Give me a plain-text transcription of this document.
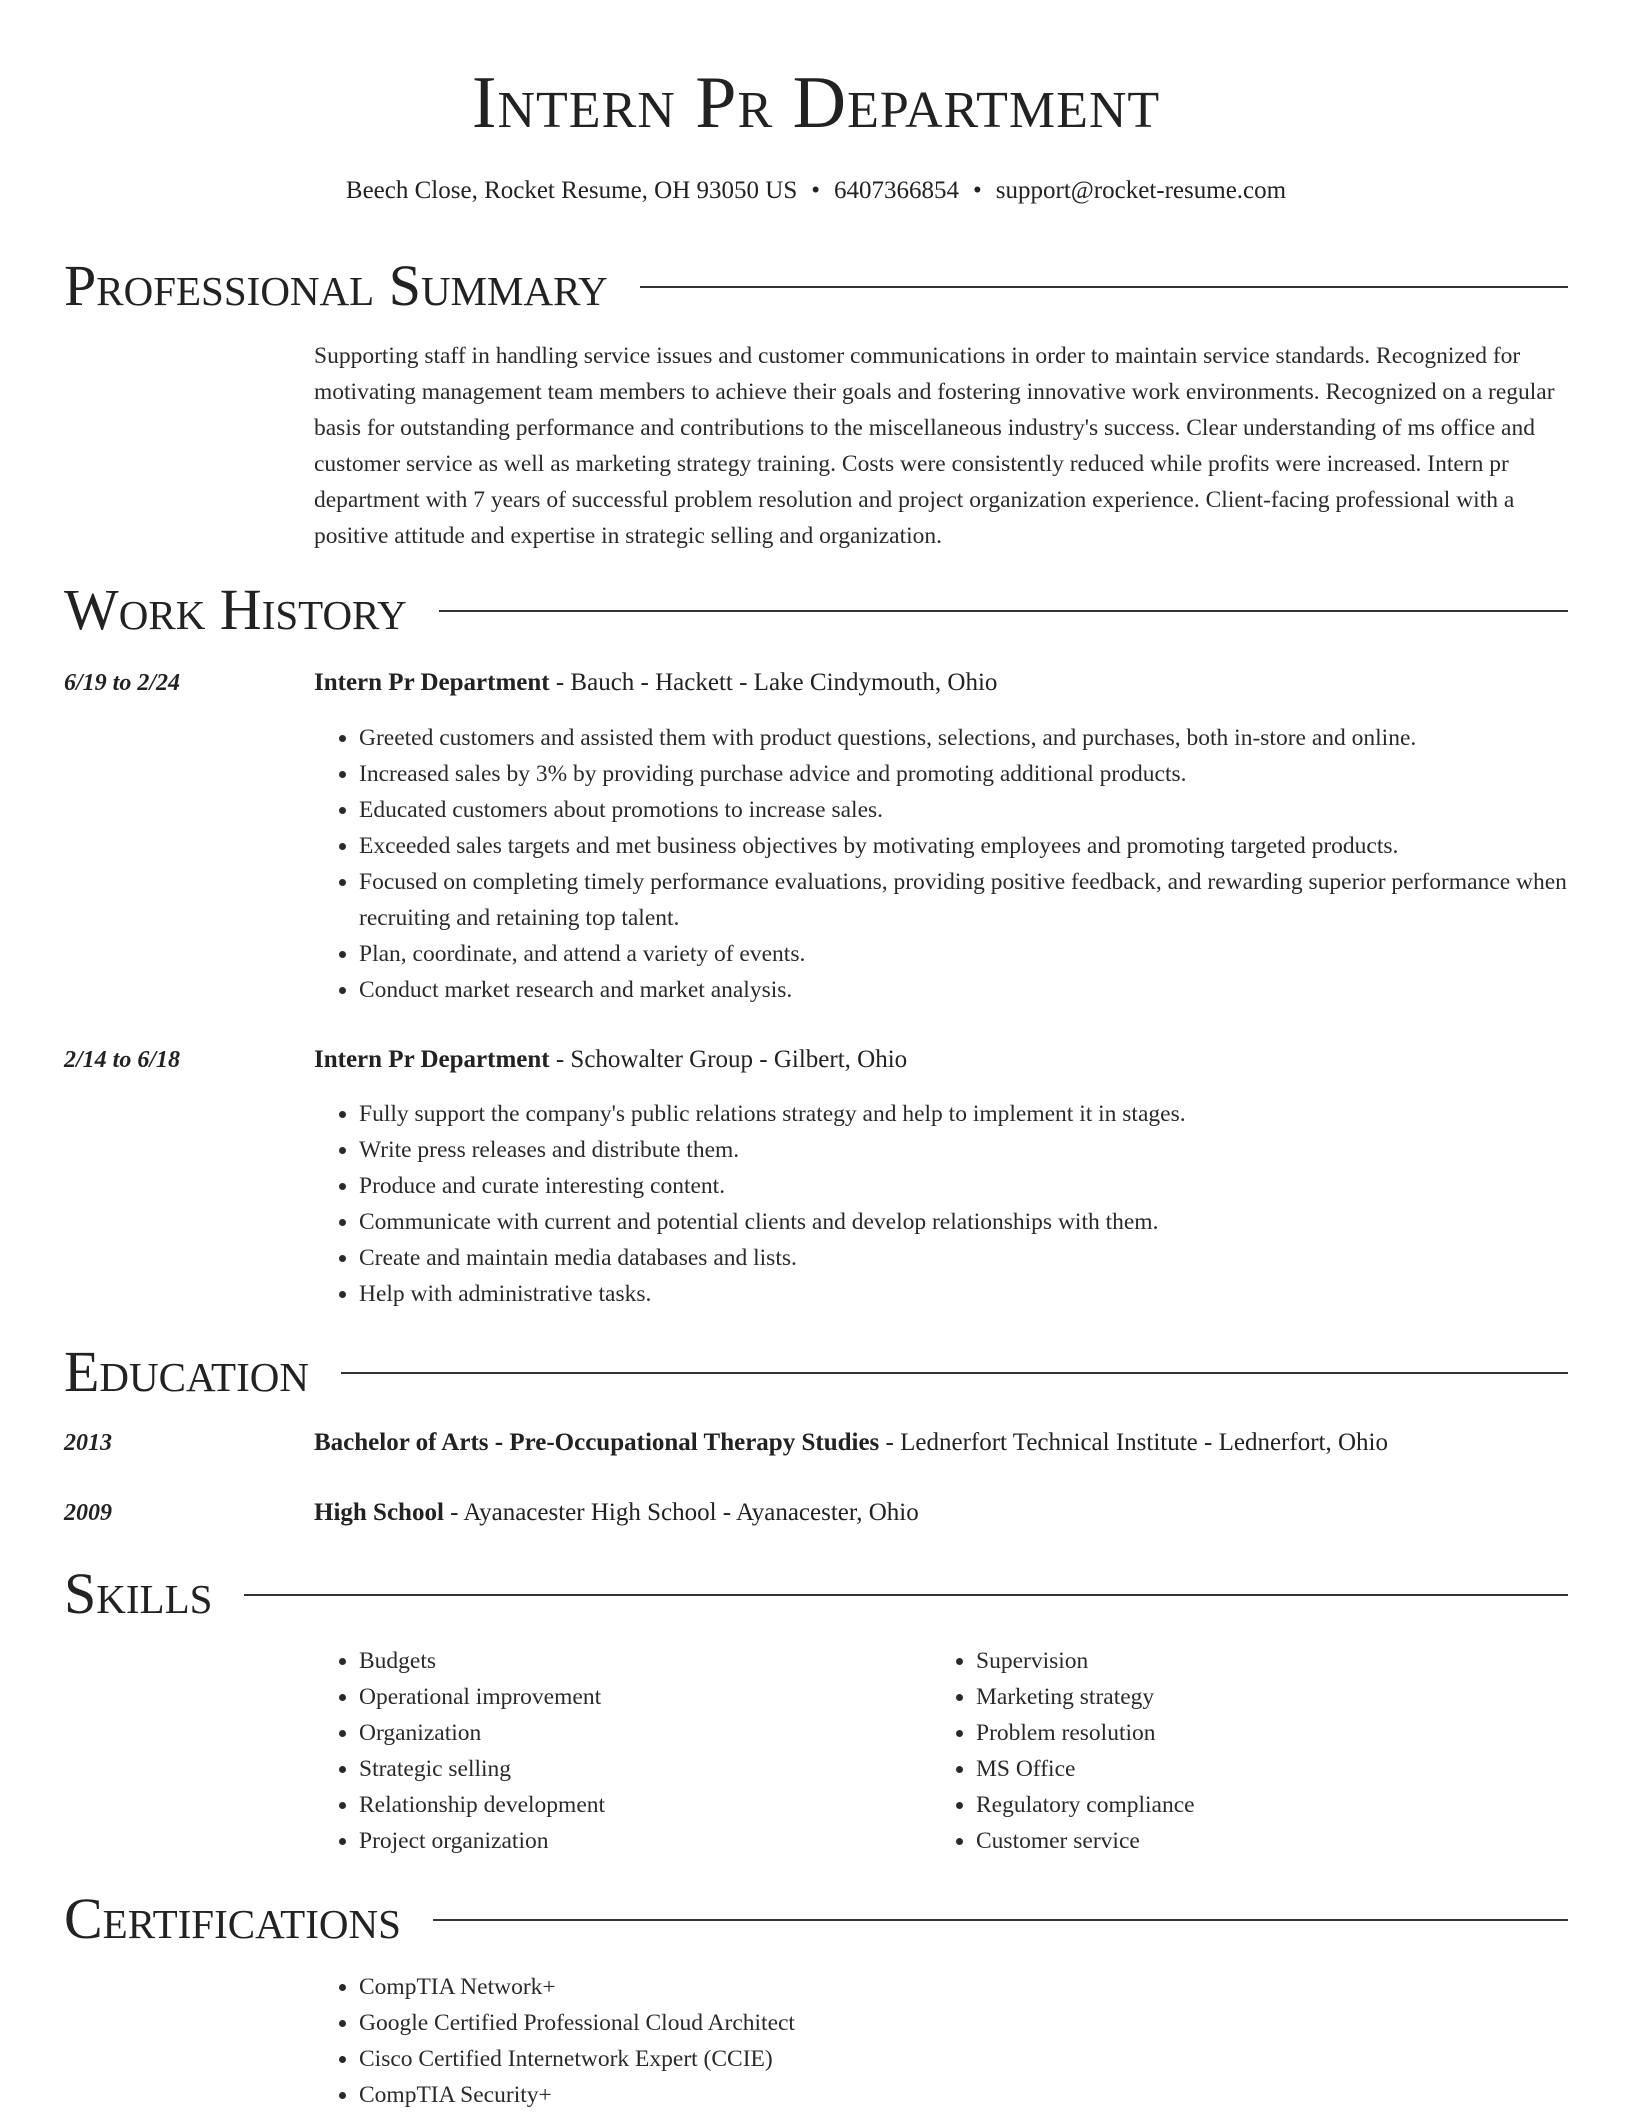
Intern Pr Department
Beech Close, Rocket Resume, OH 93050 US • 6407366854 • support@rocket-resume.com
Professional Summary

Supporting staff in handling service issues and customer communications in order to maintain service standards. Recognized for motivating management team members to achieve their goals and fostering innovative work environments. Recognized on a regular basis for outstanding performance and contributions to the miscellaneous industry's success. Clear understanding of ms office and customer service as well as marketing strategy training. Costs were consistently reduced while profits were increased. Intern pr department with 7 years of successful problem resolution and project organization experience. Client-facing professional with a positive attitude and expertise in strategic selling and organization.

Work History
6/19 to 2/24	Intern Pr Department - Bauch - Hackett - Lake Cindymouth, Ohio
• Greeted customers and assisted them with product questions, selections, and purchases, both in-store and online.
• Increased sales by 3% by providing purchase advice and promoting additional products.
• Educated customers about promotions to increase sales.
• Exceeded sales targets and met business objectives by motivating employees and promoting targeted products.
• Focused on completing timely performance evaluations, providing positive feedback, and rewarding superior performance when recruiting and retaining top talent.
• Plan, coordinate, and attend a variety of events.
• Conduct market research and market analysis.
2/14 to 6/18	Intern Pr Department - Schowalter Group - Gilbert, Ohio
• Fully support the company's public relations strategy and help to implement it in stages.
• Write press releases and distribute them.
• Produce and curate interesting content.
• Communicate with current and potential clients and develop relationships with them.
• Create and maintain media databases and lists.
• Help with administrative tasks.
Education
2013	Bachelor of Arts - Pre-Occupational Therapy Studies - Lednerfort Technical Institute - Lednerfort, Ohio
2009	High School - Ayanacester High School - Ayanacester, Ohio
Skills
• Budgets
• Operational improvement
• Organization
• Strategic selling
• Relationship development
• Project organization
• Supervision
• Marketing strategy
• Problem resolution
• MS Office
• Regulatory compliance
• Customer service
Certifications
• CompTIA Network+
• Google Certified Professional Cloud Architect
• Cisco Certified Internetwork Expert (CCIE)
• CompTIA Security+
